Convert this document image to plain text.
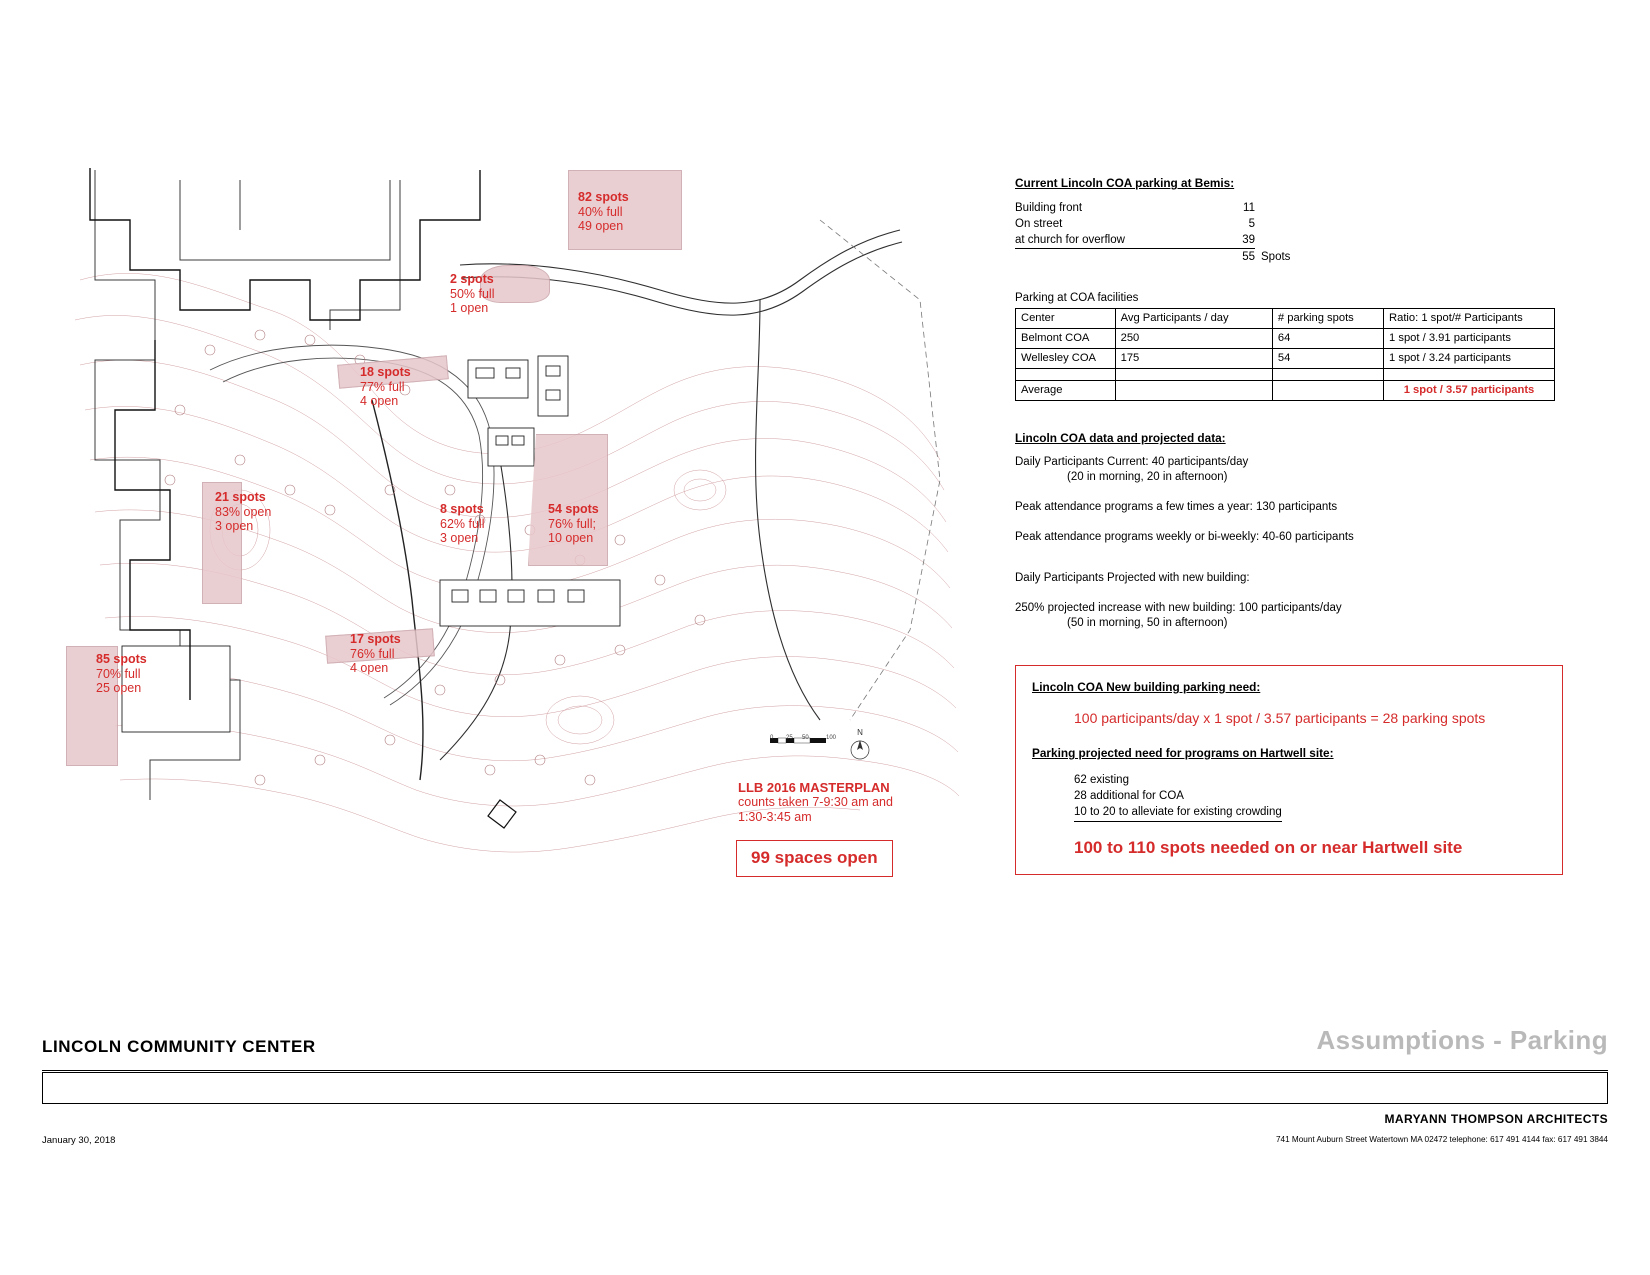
82 spots
40% full
49 open
2 spots
50% full
1 open
18 spots
77% full
4 open
21 spots
83% open
3 open
8 spots
62% full
3 open
54 spots
76% full;
10 open
17 spots
76% full
4 open
85 spots
70% full
25 open
0 25 50	100
N
LLB 2016 MASTERPLAN
counts taken 7-9:30 am and
1:30-3:45 am
99 spaces open
Current Lincoln COA parking at Bemis:
Building front	11
On street	5
at church for overflow	39
55 Spots
Parking at COA facilities
Center	Avg Participants / day	# parking spots	Ratio: 1 spot/# Participants
Belmont COA	250	64	1 spot / 3.91 participants
Wellesley COA	175	54	1 spot / 3.24 participants

Average			1 spot / 3.57 participants
Lincoln COA data and projected data:

Daily Participants Current: 40 participants/day

(20 in morning, 20 in afternoon)

Peak attendance programs a few times a year: 130 participants

Peak attendance programs weekly or bi-weekly: 40-60 participants

Daily Participants Projected with new building:

250% projected increase with new building: 100 participants/day

(50 in morning, 50 in afternoon)

Lincoln COA New building parking need:
100 participants/day x 1 spot / 3.57 participants = 28 parking spots
Parking projected need for programs on Hartwell site:
62 existing
28 additional for COA
10 to 20 to alleviate for existing crowding
100 to 110 spots needed on or near Hartwell site
LINCOLN COMMUNITY CENTER	Assumptions - Parking
MARYANN THOMPSON ARCHITECTS
January 30, 2018	741 Mount Auburn Street Watertown MA 02472 telephone: 617 491 4144 fax: 617 491 3844
